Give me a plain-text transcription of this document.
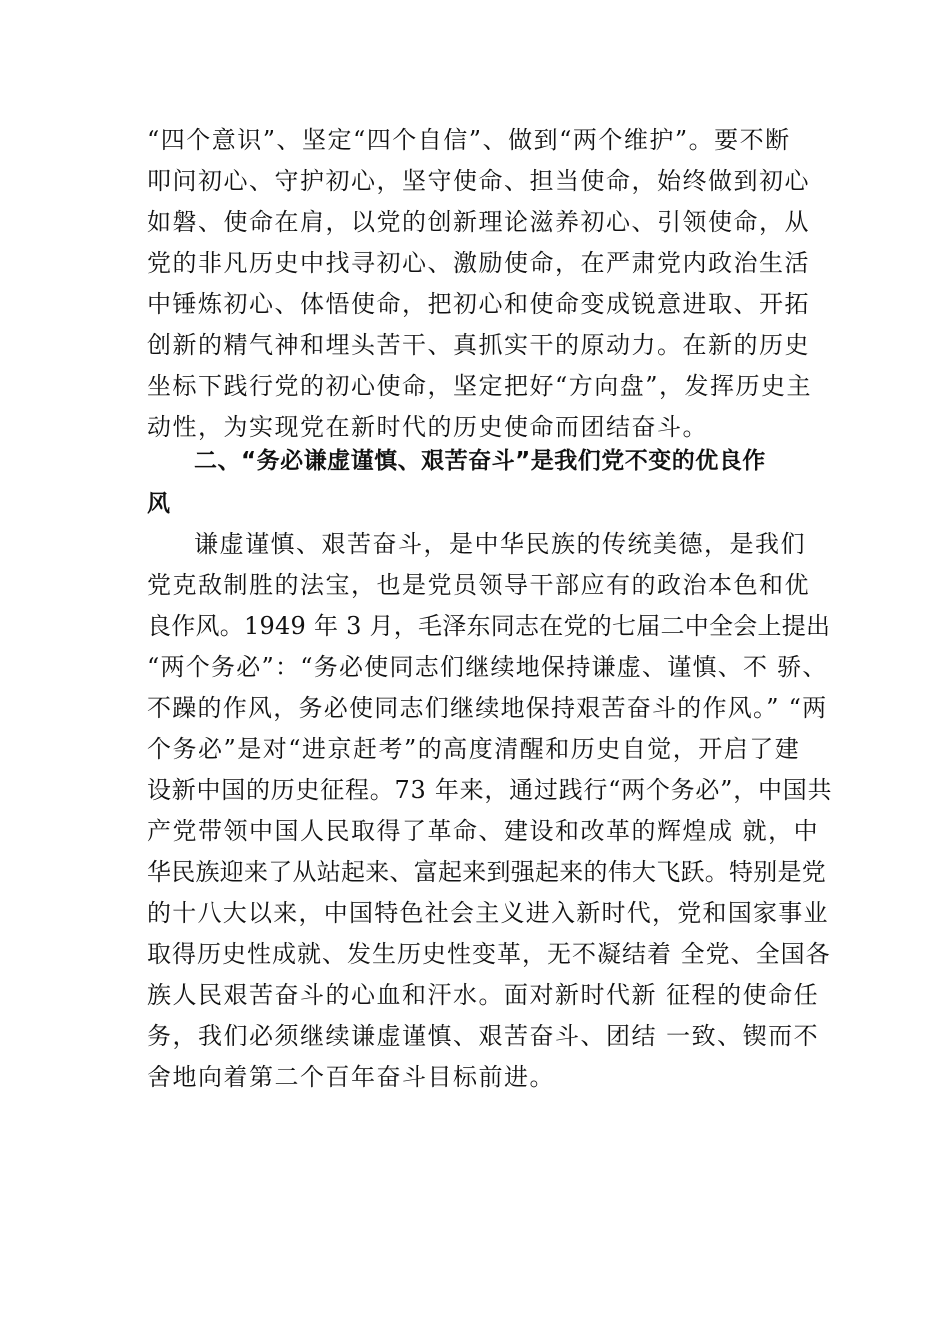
“四个意识”、坚定“四个自信”、做到“两个维护”。要不断
叩问初心、守护初心，坚守使命、担当使命，始终做到初心
如磐、使命在肩，以党的创新理论滋养初心、引领使命，从
党的非凡历史中找寻初心、激励使命，在严肃党内政治生活
中锤炼初心、体悟使命，把初心和使命变成锐意进取、开拓
创新的精气神和埋头苦干、真抓实干的原动力。在新的历史
坐标下践行党的初心使命，坚定把好“方向盘”，发挥历史主
动性，为实现党在新时代的历史使命而团结奋斗。
二、“务必谦虚谨慎、艰苦奋斗”是我们党不变的优良作
风
谦虚谨慎、艰苦奋斗，是中华民族的传统美德，是我们
党克敌制胜的法宝，也是党员领导干部应有的政治本色和优
良作风。1949 年 3 月，毛泽东同志在党的七届二中全会上提出
“两个务必”：“务必使同志们继续地保持谦虚、谨慎、不 骄、
不躁的作风，务必使同志们继续地保持艰苦奋斗的作风。” “两
个务必”是对“进京赶考”的高度清醒和历史自觉，开启了建
设新中国的历史征程。73 年来，通过践行“两个务必”，中国共
产党带领中国人民取得了革命、建设和改革的辉煌成 就，中
华民族迎来了从站起来、富起来到强起来的伟大飞跃。特别是党
的十八大以来，中国特色社会主义进入新时代，党和国家事业
取得历史性成就、发生历史性变革，无不凝结着 全党、全国各
族人民艰苦奋斗的心血和汗水。面对新时代新 征程的使命任
务，我们必须继续谦虚谨慎、艰苦奋斗、团结 一致、锲而不
舍地向着第二个百年奋斗目标前进。
